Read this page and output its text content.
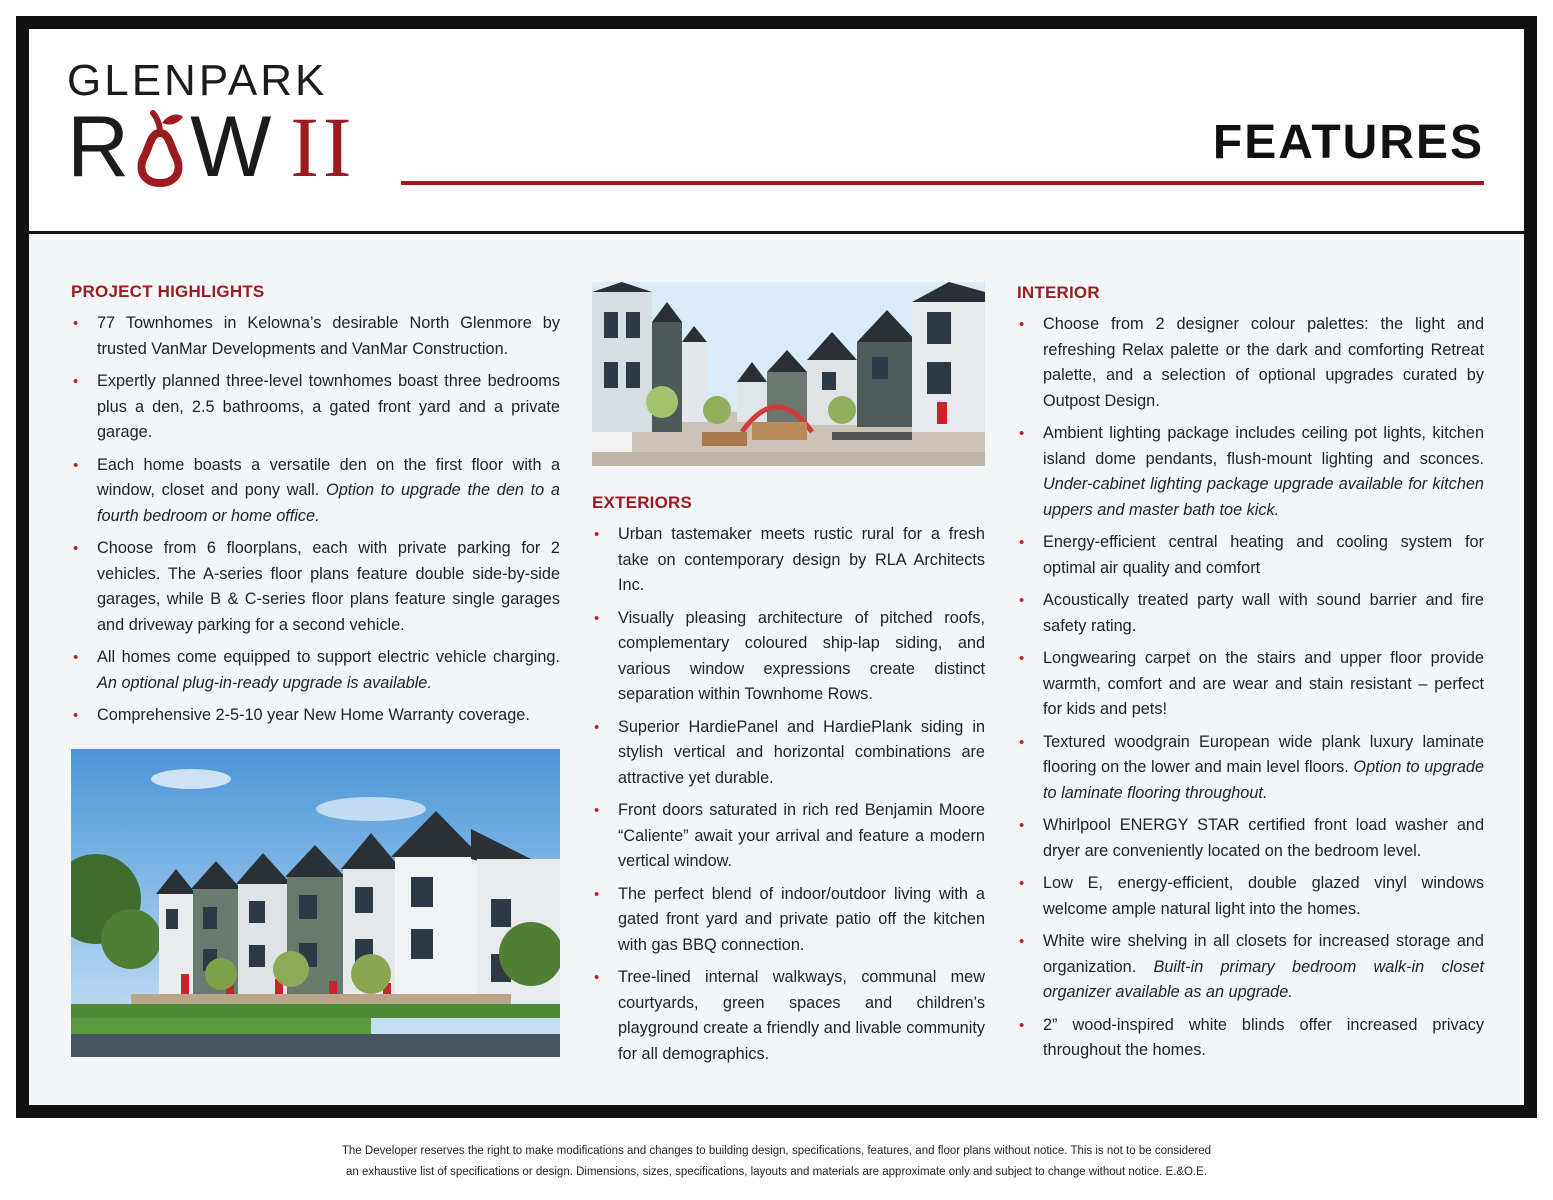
GLENPARK
R W II	FEATURES
PROJECT HIGHLIGHTS
• 77 Townhomes in Kelowna’s desirable North Glenmore by trusted VanMar Developments and VanMar Construction.
• Expertly planned three-level townhomes boast three bedrooms plus a den, 2.5 bathrooms, a gated front yard and a private garage.
• Each home boasts a versatile den on the first floor with a window, closet and pony wall. Option to upgrade the den to a fourth bedroom or home office.
• Choose from 6 floorplans, each with private parking for 2 vehicles. The A-series floor plans feature double side-by-side garages, while B & C-series floor plans feature single garages and driveway parking for a second vehicle.
• All homes come equipped to support electric vehicle charging. An optional plug-in-ready upgrade is available.
• Comprehensive 2-5-10 year New Home Warranty coverage.
EXTERIORS
• Urban tastemaker meets rustic rural for a fresh take on contemporary design by RLA Architects Inc.
• Visually pleasing architecture of pitched roofs, complementary coloured ship-lap siding, and various window expressions create distinct separation within Townhome Rows.
• Superior HardiePanel and HardiePlank siding in stylish vertical and horizontal combinations are attractive yet durable.
• Front doors saturated in rich red Benjamin Moore “Caliente” await your arrival and feature a modern vertical window.
• The perfect blend of indoor/outdoor living with a gated front yard and private patio off the kitchen with gas BBQ connection.
• Tree-lined internal walkways, communal mew courtyards, green spaces and children’s playground create a friendly and livable community for all demographics.
INTERIOR
• Choose from 2 designer colour palettes: the light and refreshing Relax palette or the dark and comforting Retreat palette, and a selection of optional upgrades curated by Outpost Design.
• Ambient lighting package includes ceiling pot lights, kitchen island dome pendants, flush-mount lighting and sconces. Under-cabinet lighting package upgrade available for kitchen uppers and master bath toe kick.
• Energy-efficient central heating and cooling system for optimal air quality and comfort
• Acoustically treated party wall with sound barrier and fire safety rating.
• Longwearing carpet on the stairs and upper floor provide warmth, comfort and are wear and stain resistant – perfect for kids and pets!
• Textured woodgrain European wide plank luxury laminate flooring on the lower and main level floors. Option to upgrade to laminate flooring throughout.
• Whirlpool ENERGY STAR certified front load washer and dryer are conveniently located on the bedroom level.
• Low E, energy-efficient, double glazed vinyl windows welcome ample natural light into the homes.
• White wire shelving in all closets for increased storage and organization. Built-in primary bedroom walk-in closet organizer available as an upgrade.
• 2” wood-inspired white blinds offer increased privacy throughout the homes.
The Developer reserves the right to make modifications and changes to building design, specifications, features, and floor plans without notice. This is not to be considered
an exhaustive list of specifications or design. Dimensions, sizes, specifications, layouts and materials are approximate only and subject to change without notice. E.&O.E.
